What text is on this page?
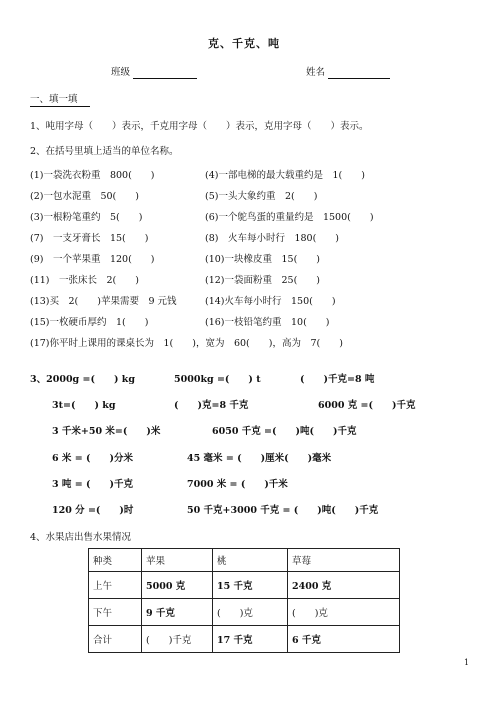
克、千克、吨
班级	姓名
一、填一填
1、吨用字母（　　）表示，千克用字母（　　）表示，克用字母（　　）表示。
2、在括号里填上适当的单位名称。
(1)一袋洗衣粉重　800(　　)	(4)一部电梯的最大载重约是　1(　　)
(2)一包水泥重　50(　　)	(5)一头大象约重　2(　　)
(3)一根粉笔重约　5(　　)	(6)一个鸵鸟蛋的重量约是　1500(　　)
(7)　一支牙膏长　15(　　)	(8)　火车每小时行　180(　　)
(9)　一个苹果重　120(　　)	(10)一块橡皮重　15(　　)
(11)　一张床长　2(　　)	(12)一袋面粉重　25(　　)
(13)买　2(　　)苹果需要　9 元钱	(14)火车每小时行　150(　　)
(15)一枚硬币厚约　1(　　)	(16)一枝铅笔约重　10(　　)
(17)你平时上课用的课桌长为　1(　　)，宽为　60(　　)，高为　7(　　)
3、2000g =(　　) kg	5000kg =(　　) t	(　　)千克=8 吨
3t=(　　) kg	(　　)克=8 千克	6000 克 =(　　)千克
3 千米+50 米=(　　)米	6050 千克 =(　　)吨(　　)千克
6 米 = (　　)分米	45 毫米 = (　　)厘米(　　)毫米
3 吨 = (　　)千克	7000 米 = (　　)千米
120 分 =(　　)时	50 千克+3000 千克 = (　　)吨(　　)千克
4、水果店出售水果情况
种类	苹果	桃	草莓
上午	5000 克	15 千克	2400 克
下午	9 千克	(　　)克	(　　)克
合计	(　　)千克	17 千克	6 千克
1
